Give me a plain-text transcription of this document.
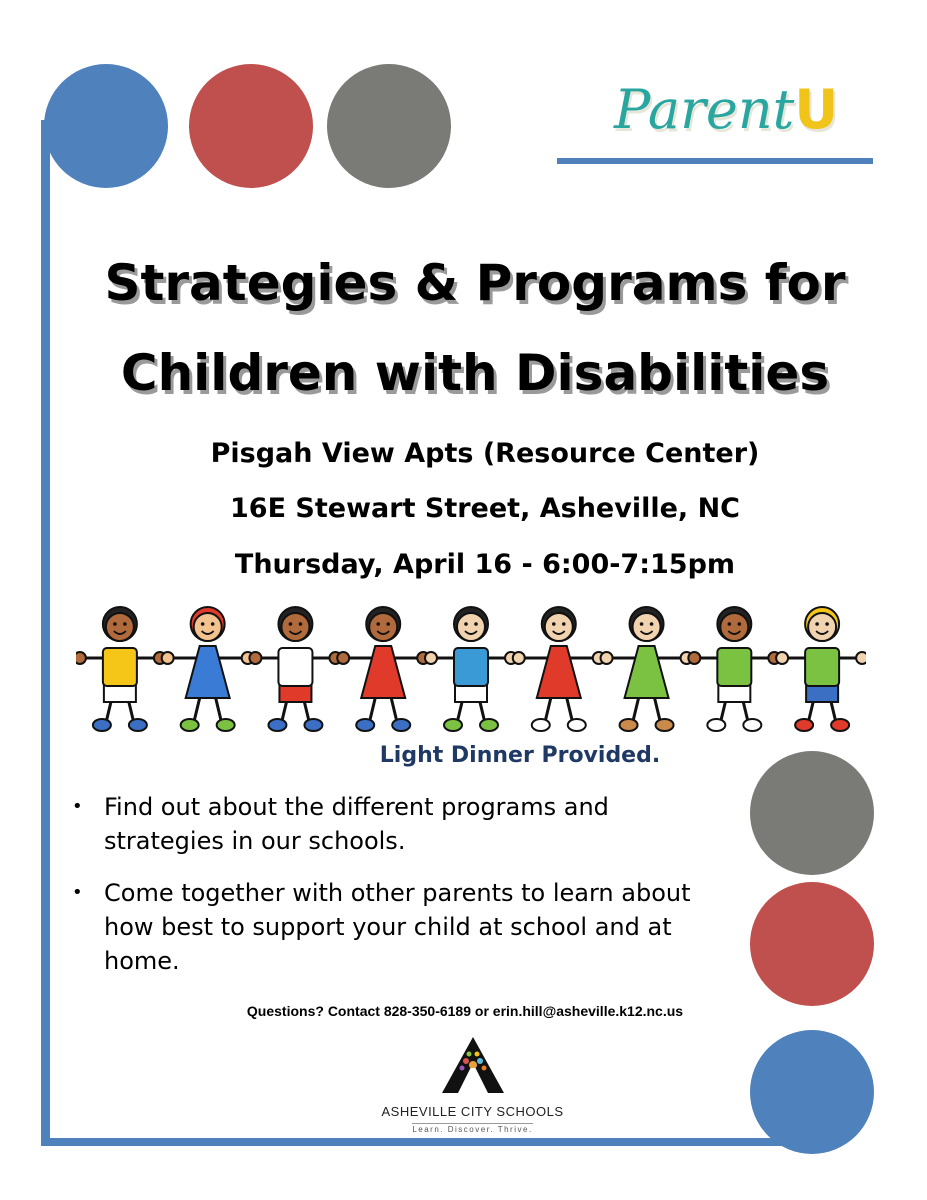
ParentU
Strategies & Programs for
Children with Disabilities
Pisgah View Apts (Resource Center)
16E Stewart Street, Asheville, NC
Thursday, April 16 - 6:00-7:15pm
Light Dinner Provided.
• Find out about the different programs and strategies in our schools.
• Come together with other parents to learn about how best to support your child at school and at home.
Questions? Contact 828-350-6189 or erin.hill@asheville.k12.nc.us
ASHEVILLE CITY SCHOOLS
Learn. Discover. Thrive.
